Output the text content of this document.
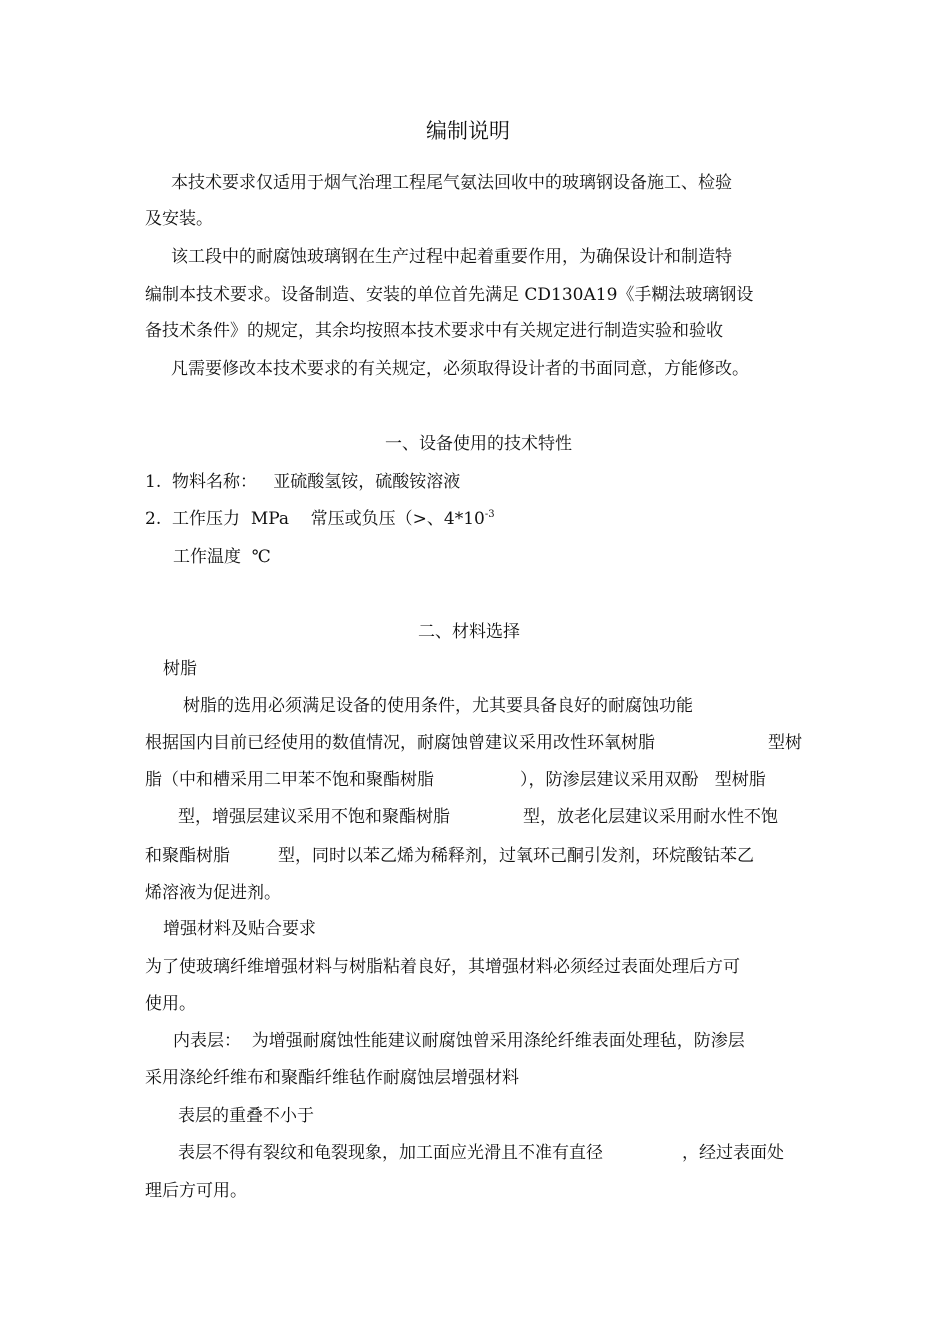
编制说明
本技术要求仅适用于烟气治理工程尾气氨法回收中的玻璃钢设备施工、检验
及安装。
该工段中的耐腐蚀玻璃钢在生产过程中起着重要作用，为确保设计和制造特
编制本技术要求。设备制造、安装的单位首先满足 CD130A19《手糊法玻璃钢设
备技术条件》的规定，其余均按照本技术要求中有关规定进行制造实验和验收
凡需要修改本技术要求的有关规定，必须取得设计者的书面同意，方能修改。
一、设备使用的技术特性
1.  物料名称：   亚硫酸氢铵，硫酸铵溶液
2.  工作压力  MPa    常压或负压（>、$4*10^{-3}$
工作温度  ℃
二、材料选择
树脂
树脂的选用必须满足设备的使用条件，尤其要具备良好的耐腐蚀功能
根据国内目前已经使用的数值情况，耐腐蚀曾建议采用改性环氧树脂	型树
脂（中和槽采用二甲苯不饱和聚酯树脂	），防渗层建议采用双酚   型树脂
型，增强层建议采用不饱和聚酯树脂	型，放老化层建议采用耐水性不饱
和聚酯树脂	型，同时以苯乙烯为稀释剂，过氧环己酮引发剂，环烷酸钴苯乙
烯溶液为促进剂。
增强材料及贴合要求
为了使玻璃纤维增强材料与树脂粘着良好，其增强材料必须经过表面处理后方可
使用。
内表层：  为增强耐腐蚀性能建议耐腐蚀曾采用涤纶纤维表面处理毡，防渗层
采用涤纶纤维布和聚酯纤维毡作耐腐蚀层增强材料
表层的重叠不小于
表层不得有裂纹和龟裂现象，加工面应光滑且不准有直径	，经过表面处
理后方可用。
